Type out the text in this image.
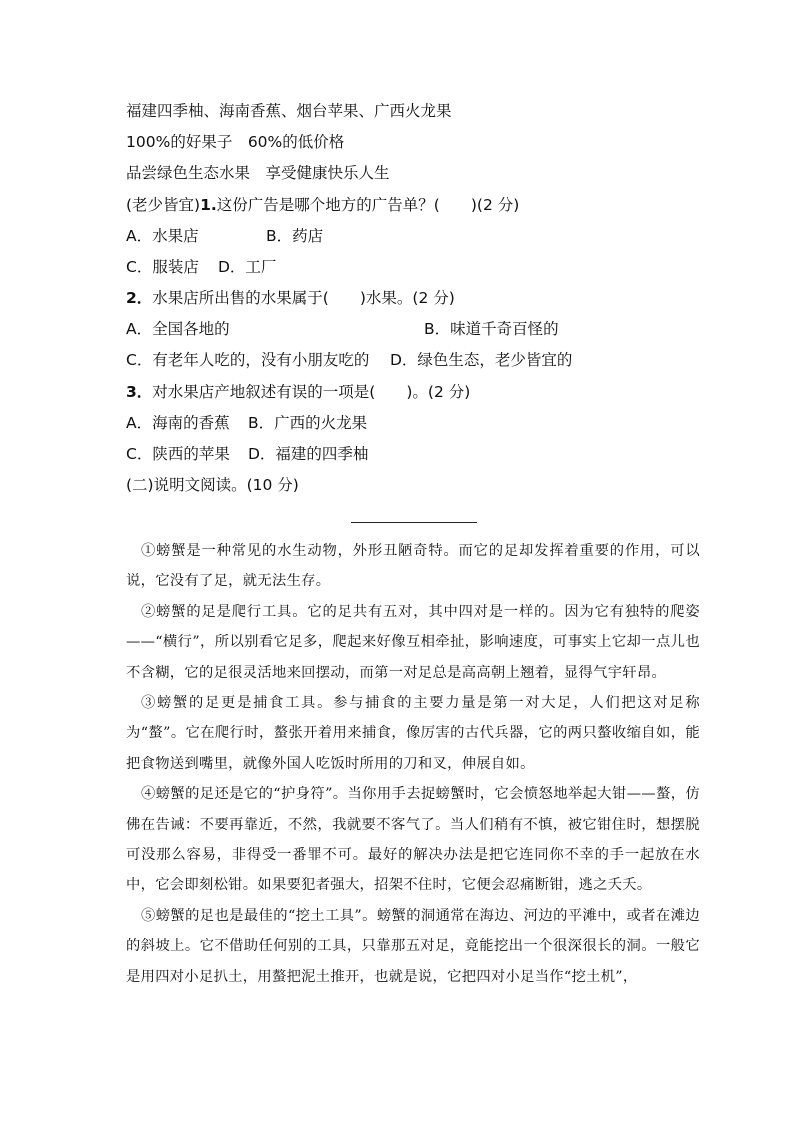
福建四季柚、海南香蕉、烟台苹果、广西火龙果

100%的好果子　60%的低价格

品尝绿色生态水果　享受健康快乐人生

(老少皆宜)1.这份广告是哪个地方的广告单？(　　)(2 分)

A．水果店	B．药店

C．服装店 D．工厂

2．水果店所出售的水果属于(　　)水果。(2 分)

A．全国各地的	B．味道千奇百怪的

C．有老年人吃的，没有小朋友吃的 D．绿色生态，老少皆宜的

3．对水果店产地叙述有误的一项是(　　)。(2 分)

A．海南的香蕉 B．广西的火龙果

C．陕西的苹果 D．福建的四季柚

(二)说明文阅读。(10 分)

①螃蟹是一种常见的水生动物，外形丑陋奇特。而它的足却发挥着重要的作用，可以说，它没有了足，就无法生存。

②螃蟹的足是爬行工具。它的足共有五对，其中四对是一样的。因为它有独特的爬姿——“横行”，所以别看它足多，爬起来好像互相牵扯，影响速度，可事实上它却一点儿也不含糊，它的足很灵活地来回摆动，而第一对足总是高高朝上翘着，显得气宇轩昂。

③螃蟹的足更是捕食工具。参与捕食的主要力量是第一对大足，人们把这对足称为“螯”。它在爬行时，螯张开着用来捕食，像厉害的古代兵器，它的两只螯收缩自如，能把食物送到嘴里，就像外国人吃饭时所用的刀和叉，伸展自如。

④螃蟹的足还是它的“护身符”。当你用手去捉螃蟹时，它会愤怒地举起大钳——螯，仿佛在告诫：不要再靠近，不然，我就要不客气了。当人们稍有不慎，被它钳住时，想摆脱可没那么容易，非得受一番罪不可。最好的解决办法是把它连同你不幸的手一起放在水中，它会即刻松钳。如果要犯者强大，招架不住时，它便会忍痛断钳，逃之夭夭。

⑤螃蟹的足也是最佳的“挖土工具”。螃蟹的洞通常在海边、河边的平滩中，或者在滩边的斜坡上。它不借助任何别的工具，只靠那五对足，竟能挖出一个很深很长的洞。一般它是用四对小足扒土，用螯把泥土推开，也就是说，它把四对小足当作“挖土机”，
